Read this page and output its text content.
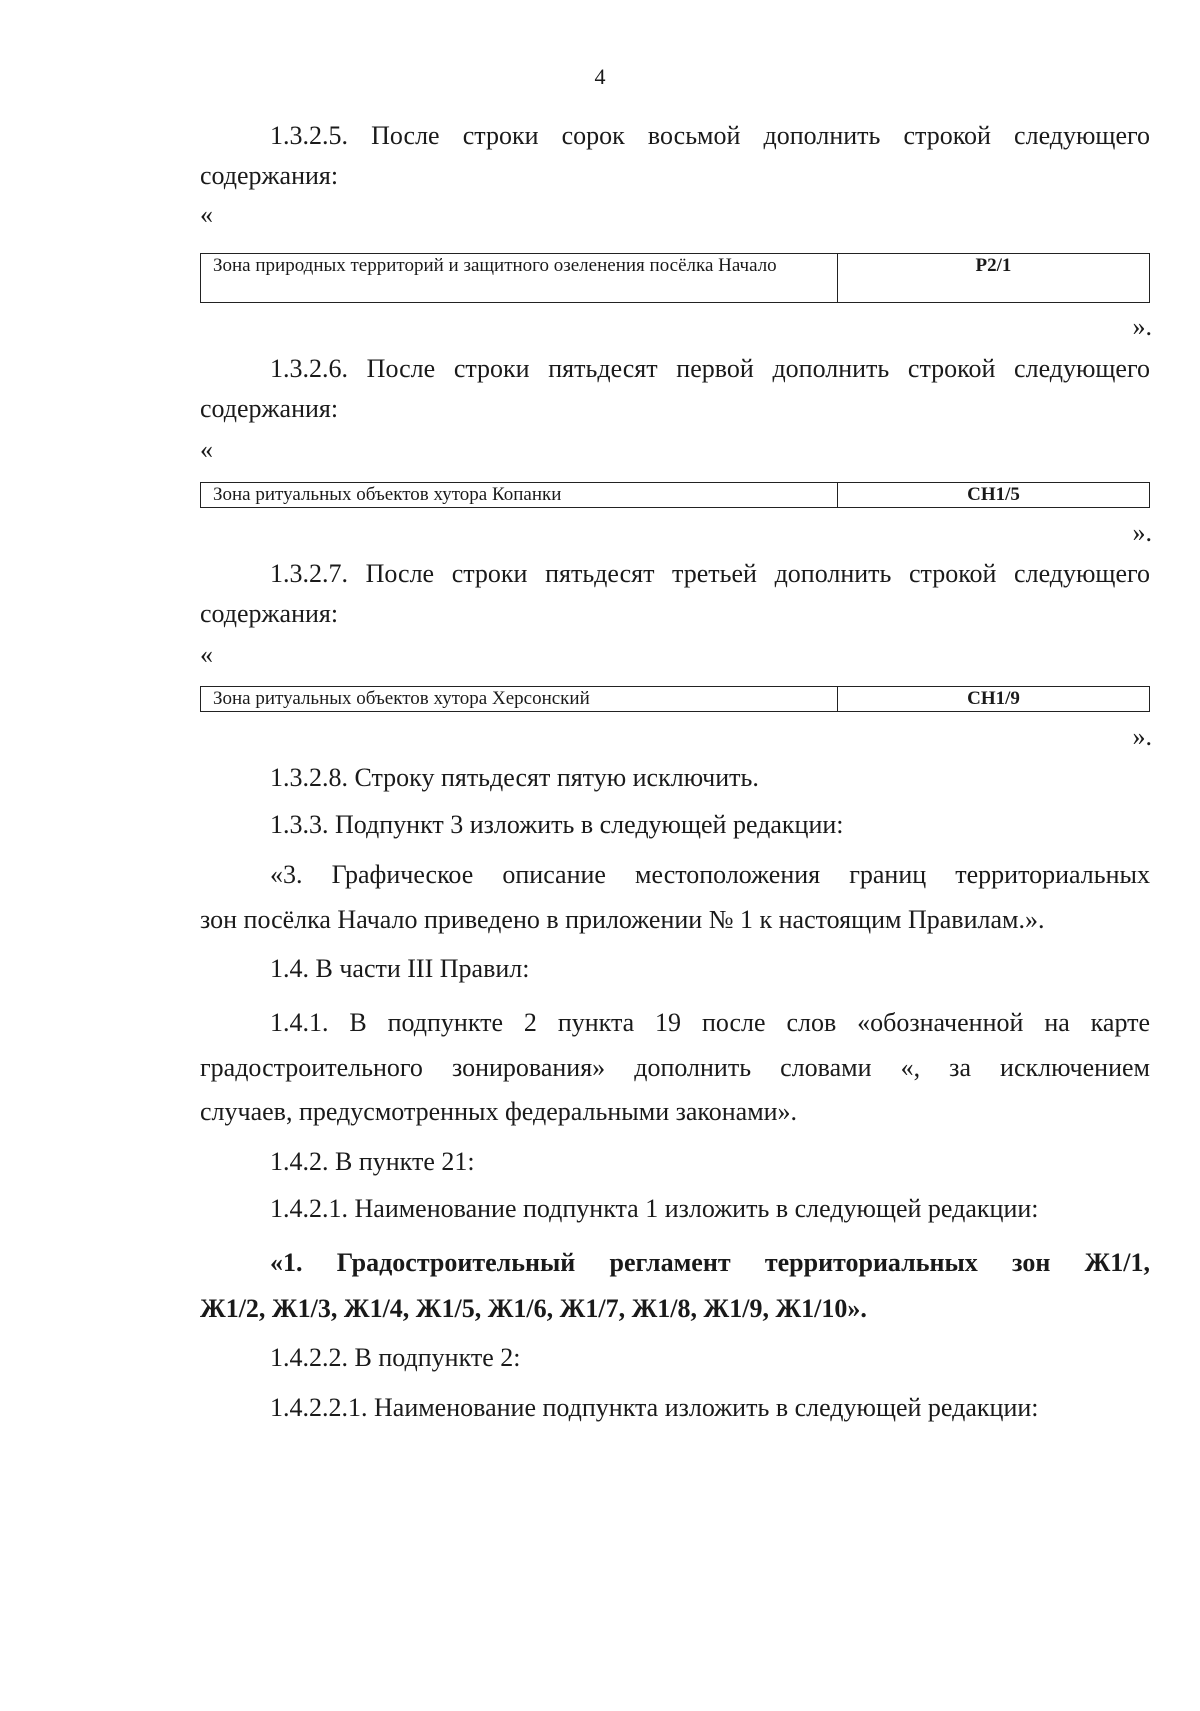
4
1.3.2.5. После строки сорок восьмой дополнить строкой следующего
содержания:
«
Зона природных территорий и защитного озеленения посёлка Начало	Р2/1
».
1.3.2.6. После строки пятьдесят первой дополнить строкой следующего
содержания:
«
Зона ритуальных объектов хутора Копанки	СН1/5
».
1.3.2.7. После строки пятьдесят третьей дополнить строкой следующего
содержания:
«
Зона ритуальных объектов хутора Херсонский	СН1/9
».
1.3.2.8. Строку пятьдесят пятую исключить.
1.3.3. Подпункт 3 изложить в следующей редакции:
«3. Графическое описание местоположения границ территориальных
зон посёлка Начало приведено в приложении № 1 к настоящим Правилам.».
1.4. В части III Правил:
1.4.1. В подпункте 2 пункта 19 после слов «обозначенной на карте
градостроительного зонирования» дополнить словами «, за исключением
случаев, предусмотренных федеральными законами».
1.4.2. В пункте 21:
1.4.2.1. Наименование подпункта 1 изложить в следующей редакции:
«1. Градостроительный регламент территориальных зон Ж1/1,
Ж1/2, Ж1/3, Ж1/4, Ж1/5, Ж1/6, Ж1/7, Ж1/8, Ж1/9, Ж1/10».
1.4.2.2. В подпункте 2:
1.4.2.2.1. Наименование подпункта изложить в следующей редакции:
